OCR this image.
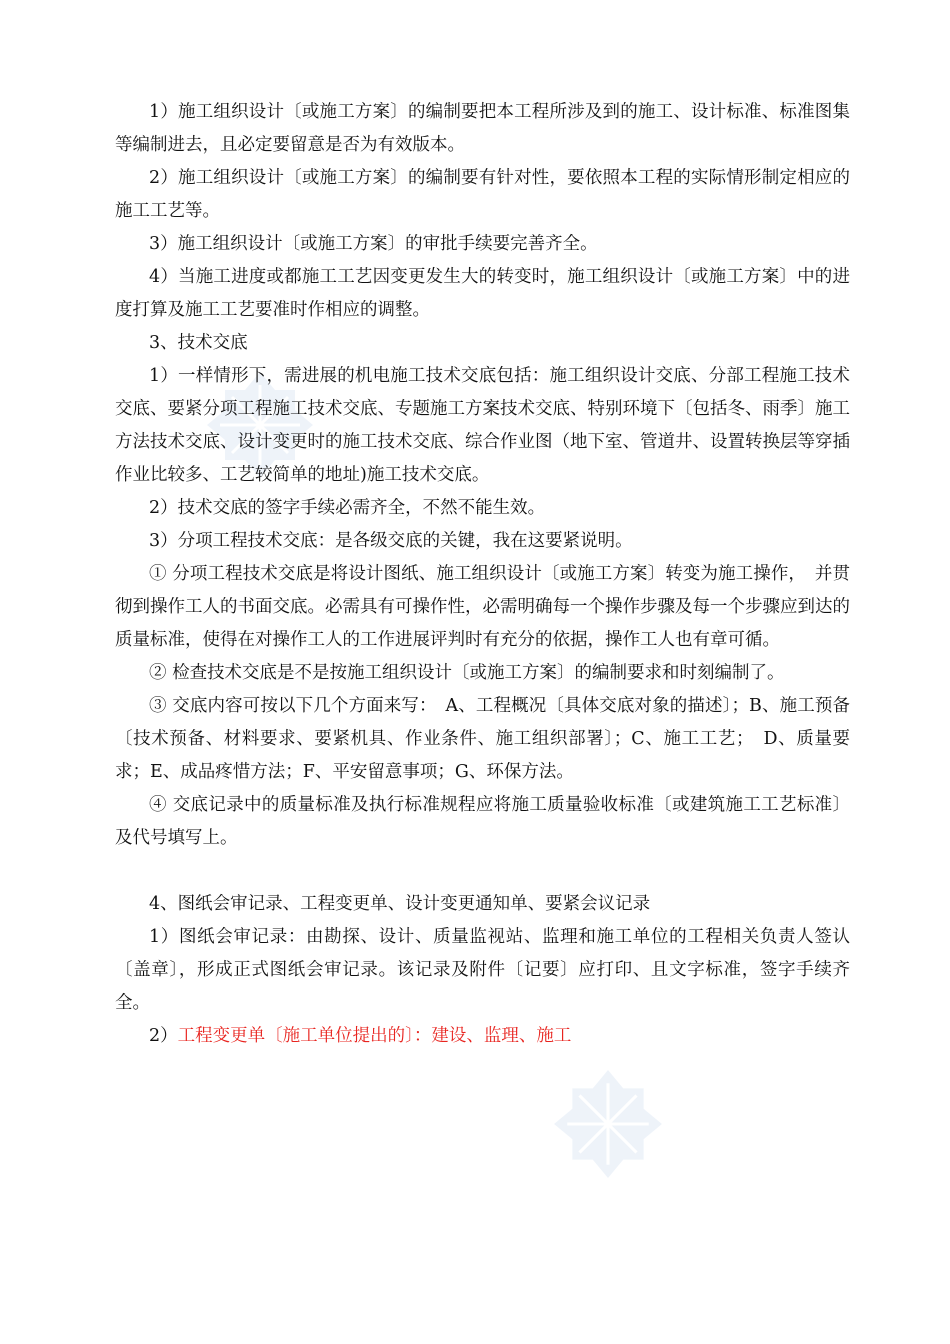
1）施工组织设计〔或施工方案〕的编制要把本工程所涉及到的施工、设计标准、标准图集等编制进去，且必定要留意是否为有效版本。

2）施工组织设计〔或施工方案〕的编制要有针对性，要依照本工程的实际情形制定相应的施工工艺等。

3）施工组织设计〔或施工方案〕的审批手续要完善齐全。

4）当施工进度或都施工工艺因变更发生大的转变时，施工组织设计〔或施工方案〕中的进度打算及施工工艺要准时作相应的调整。

3、技术交底

1）一样情形下，需进展的机电施工技术交底包括：施工组织设计交底、分部工程施工技术交底、要紧分项工程施工技术交底、专题施工方案技术交底、特别环境下〔包括冬、雨季〕施工方法技术交底、设计变更时的施工技术交底、综合作业图（地下室、管道井、设置转换层等穿插作业比较多、工艺较简单的地址)施工技术交底。

2）技术交底的签字手续必需齐全，不然不能生效。

3）分项工程技术交底：是各级交底的关键，我在这要紧说明。

① 分项工程技术交底是将设计图纸、施工组织设计〔或施工方案〕转变为施工操作，　并贯彻到操作工人的书面交底。必需具有可操作性，必需明确每一个操作步骤及每一个步骤应到达的质量标准，使得在对操作工人的工作进展评判时有充分的依据，操作工人也有章可循。

② 检查技术交底是不是按施工组织设计〔或施工方案〕的编制要求和时刻编制了。

③ 交底内容可按以下几个方面来写：　A、工程概况〔具体交底对象的描述〕；B、施工预备〔技术预备、材料要求、要紧机具、作业条件、施工组织部署〕；C、施工工艺；　D、质量要求；E、成品疼惜方法；F、平安留意事项；G、环保方法。

④ 交底记录中的质量标准及执行标准规程应将施工质量验收标准〔或建筑施工工艺标准〕及代号填写上。

4、图纸会审记录、工程变更单、设计变更通知单、要紧会议记录

1）图纸会审记录：由勘探、设计、质量监视站、监理和施工单位的工程相关负责人签认〔盖章〕，形成正式图纸会审记录。该记录及附件〔记要〕应打印、且文字标准，签字手续齐全。

2）工程变更单〔施工单位提出的〕：建设、监理、施工
